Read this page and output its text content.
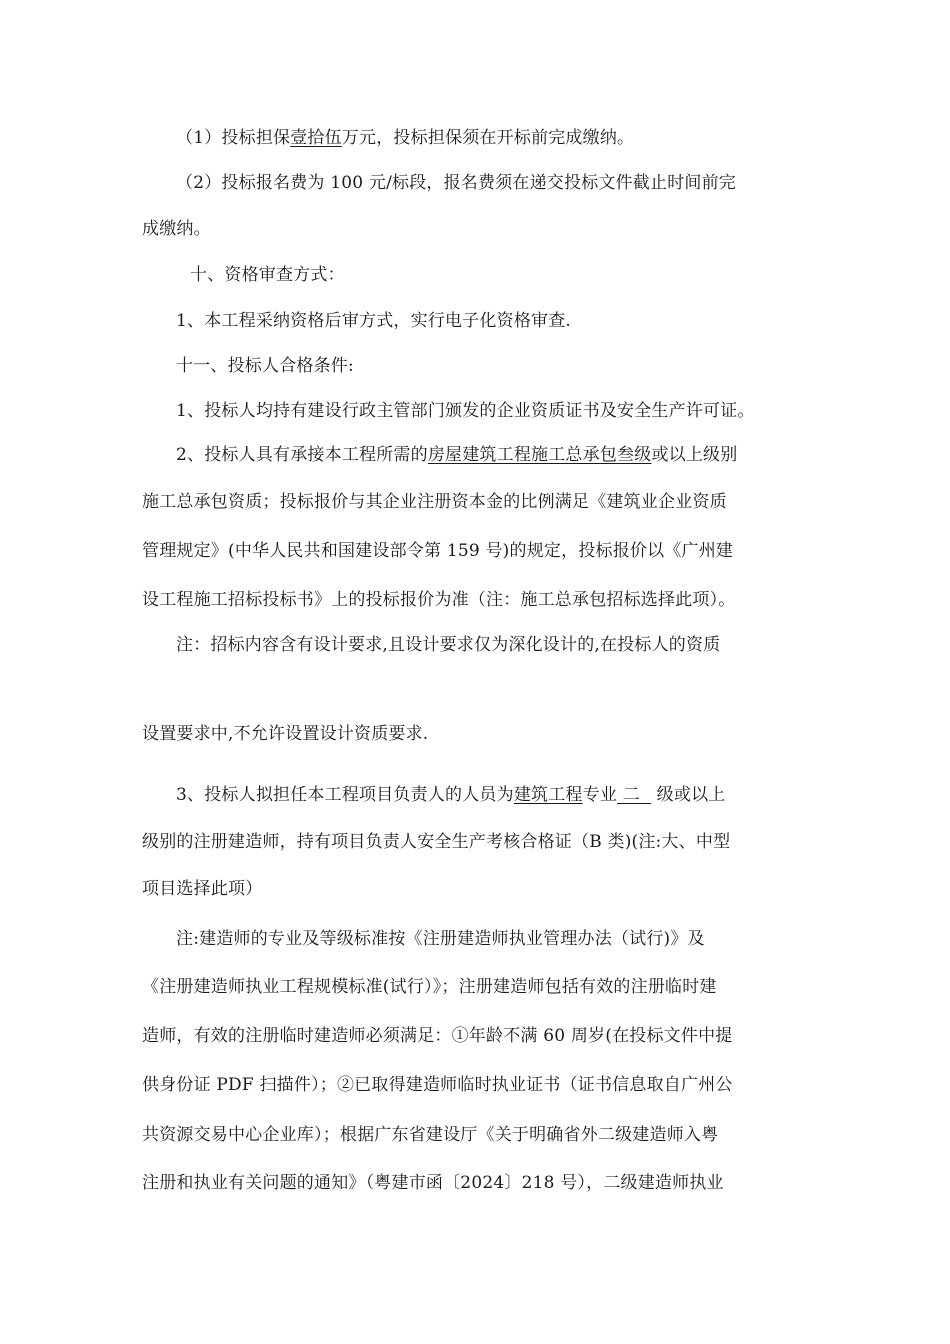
（1）投标担保壹拾伍万元，投标担保须在开标前完成缴纳。
（2）投标报名费为 100 元/标段，报名费须在递交投标文件截止时间前完
成缴纳。
十、资格审查方式：
1、本工程采纳资格后审方式，实行电子化资格审查.
十一、投标人合格条件:
1、投标人均持有建设行政主管部门颁发的企业资质证书及安全生产许可证。
2、投标人具有承接本工程所需的房屋建筑工程施工总承包叁级或以上级别
施工总承包资质；投标报价与其企业注册资本金的比例满足《建筑业企业资质
管理规定》(中华人民共和国建设部令第 159 号)的规定，投标报价以《广州建
设工程施工招标投标书》上的投标报价为准（注：施工总承包招标选择此项）。
注：招标内容含有设计要求,且设计要求仅为深化设计的,在投标人的资质
设置要求中,不允许设置设计资质要求.
3、投标人拟担任本工程项目负责人的人员为建筑工程专业 二   级或以上
级别的注册建造师，持有项目负责人安全生产考核合格证（B 类)(注:大、中型
项目选择此项）
注:建造师的专业及等级标准按《注册建造师执业管理办法（试行)》及
《注册建造师执业工程规模标准(试行）》；注册建造师包括有效的注册临时建
造师，有效的注册临时建造师必须满足：①年龄不满 60 周岁(在投标文件中提
供身份证 PDF 扫描件）；②已取得建造师临时执业证书（证书信息取自广州公
共资源交易中心企业库）；根据广东省建设厅《关于明确省外二级建造师入粤
注册和执业有关问题的通知》（粤建市函〔2024〕218 号），二级建造师执业
